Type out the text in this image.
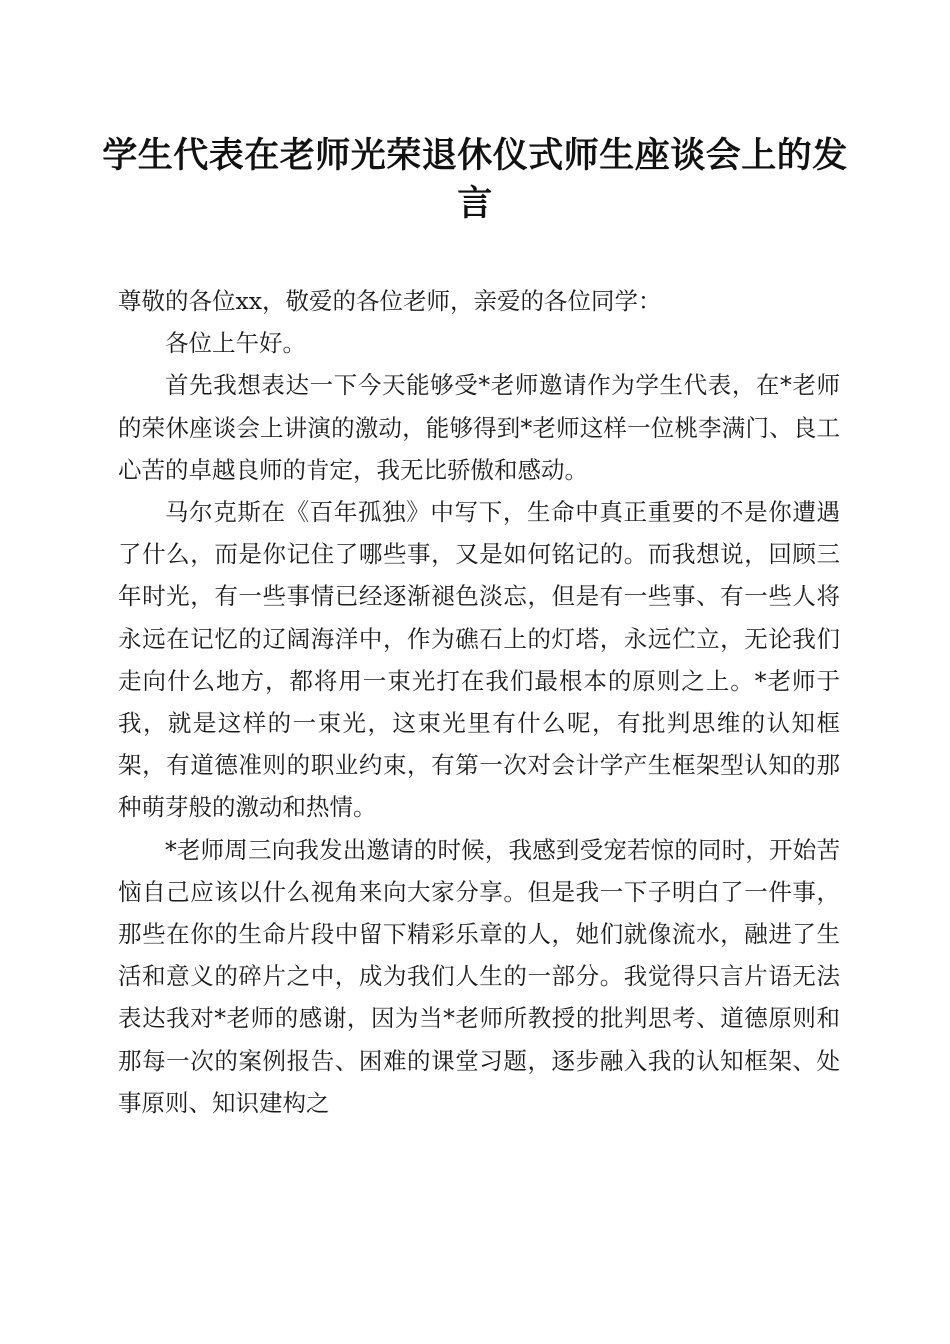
学生代表在老师光荣退休仪式师生座谈会上的发言

尊敬的各位xx，敬爱的各位老师，亲爱的各位同学：

各位上午好。

首先我想表达一下今天能够受*老师邀请作为学生代表，在*老师的荣休座谈会上讲演的激动，能够得到*老师这样一位桃李满门、良工心苦的卓越良师的肯定，我无比骄傲和感动。

马尔克斯在《百年孤独》中写下，生命中真正重要的不是你遭遇了什么，而是你记住了哪些事，又是如何铭记的。而我想说，回顾三年时光，有一些事情已经逐渐褪色淡忘，但是有一些事、有一些人将永远在记忆的辽阔海洋中，作为礁石上的灯塔，永远伫立，无论我们走向什么地方，都将用一束光打在我们最根本的原则之上。*老师于我，就是这样的一束光，这束光里有什么呢，有批判思维的认知框架，有道德准则的职业约束，有第一次对会计学产生框架型认知的那种萌芽般的激动和热情。

*老师周三向我发出邀请的时候，我感到受宠若惊的同时，开始苦恼自己应该以什么视角来向大家分享。但是我一下子明白了一件事，那些在你的生命片段中留下精彩乐章的人，她们就像流水，融进了生活和意义的碎片之中，成为我们人生的一部分。我觉得只言片语无法表达我对*老师的感谢，因为当*老师所教授的批判思考、道德原则和那每一次的案例报告、困难的课堂习题，逐步融入我的认知框架、处事原则、知识建构之
